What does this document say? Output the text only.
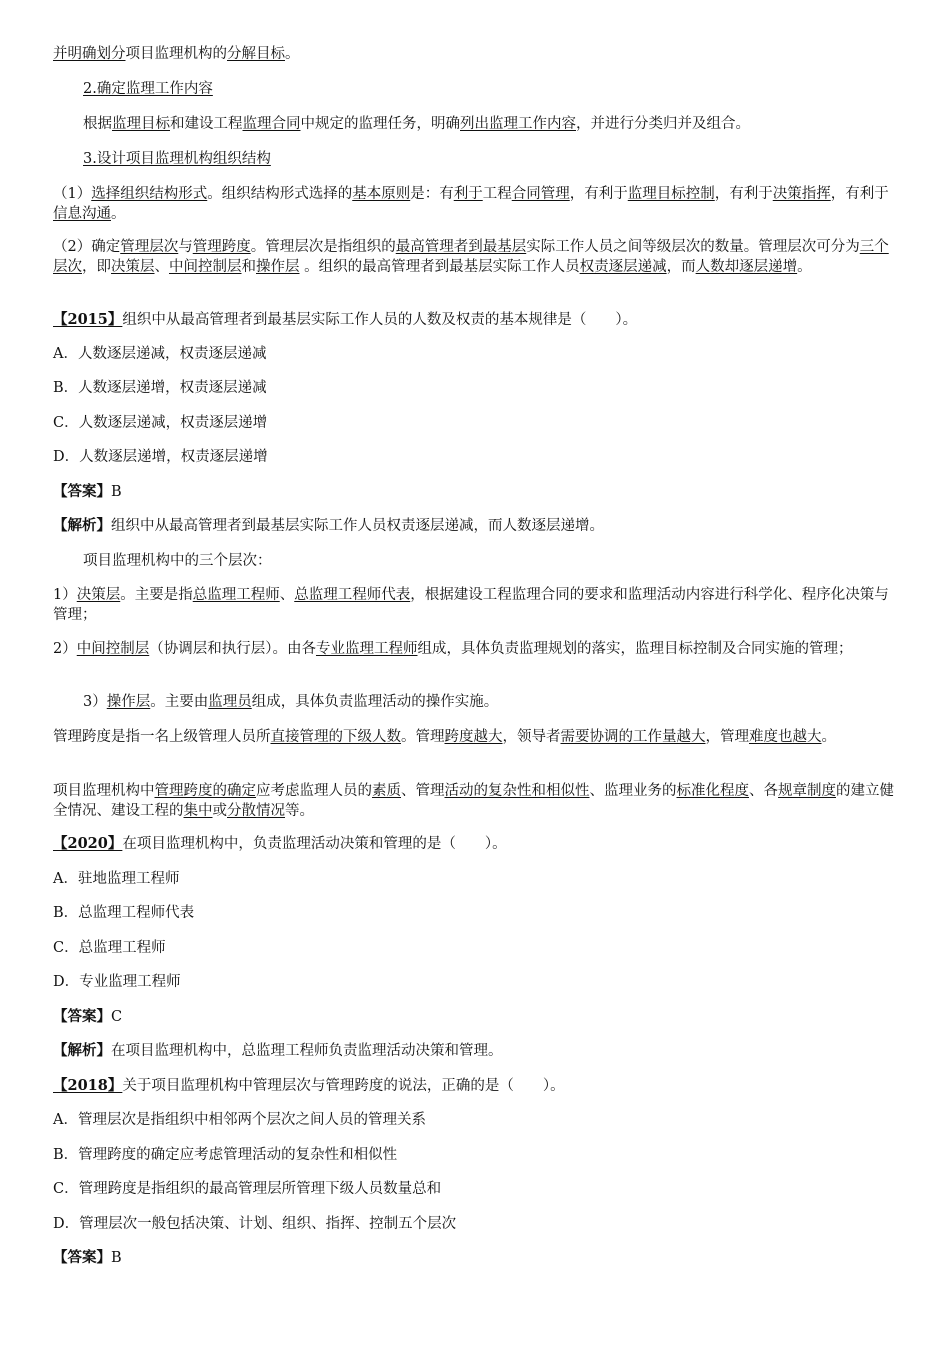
并明确划分项目监理机构的分解目标。
2.确定监理工作内容
根据监理目标和建设工程监理合同中规定的监理任务，明确列出监理工作内容，并进行分类归并及组合。
3.设计项目监理机构组织结构
（1）选择组织结构形式。组织结构形式选择的基本原则是：有利于工程合同管理，有利于监理目标控制，有利于决策指挥，有利于信息沟通。
（2）确定管理层次与管理跨度。管理层次是指组织的最高管理者到最基层实际工作人员之间等级层次的数量。管理层次可分为三个层次，即决策层、中间控制层和操作层 。组织的最高管理者到最基层实际工作人员权责逐层递减，而人数却逐层递增。
【2015】组织中从最高管理者到最基层实际工作人员的人数及权责的基本规律是（　　）。
A．人数逐层递减，权责逐层递减
B．人数逐层递增，权责逐层递减
C．人数逐层递减，权责逐层递增
D．人数逐层递增，权责逐层递增
【答案】B
【解析】组织中从最高管理者到最基层实际工作人员权责逐层递减，而人数逐层递增。
项目监理机构中的三个层次：
1）决策层。主要是指总监理工程师、总监理工程师代表，根据建设工程监理合同的要求和监理活动内容进行科学化、程序化决策与管理；
2）中间控制层（协调层和执行层）。由各专业监理工程师组成，具体负责监理规划的落实，监理目标控制及合同实施的管理；
3）操作层。主要由监理员组成，具体负责监理活动的操作实施。
管理跨度是指一名上级管理人员所直接管理的下级人数。管理跨度越大，领导者需要协调的工作量越大，管理难度也越大。
项目监理机构中管理跨度的确定应考虑监理人员的素质、管理活动的复杂性和相似性、监理业务的标准化程度、各规章制度的建立健全情况、建设工程的集中或分散情况等。
【2020】在项目监理机构中，负责监理活动决策和管理的是（　　）。
A．驻地监理工程师
B．总监理工程师代表
C．总监理工程师
D．专业监理工程师
【答案】C
【解析】在项目监理机构中，总监理工程师负责监理活动决策和管理。
【2018】关于项目监理机构中管理层次与管理跨度的说法，正确的是（　　）。
A．管理层次是指组织中相邻两个层次之间人员的管理关系
B．管理跨度的确定应考虑管理活动的复杂性和相似性
C．管理跨度是指组织的最高管理层所管理下级人员数量总和
D．管理层次一般包括决策、计划、组织、指挥、控制五个层次
【答案】B
